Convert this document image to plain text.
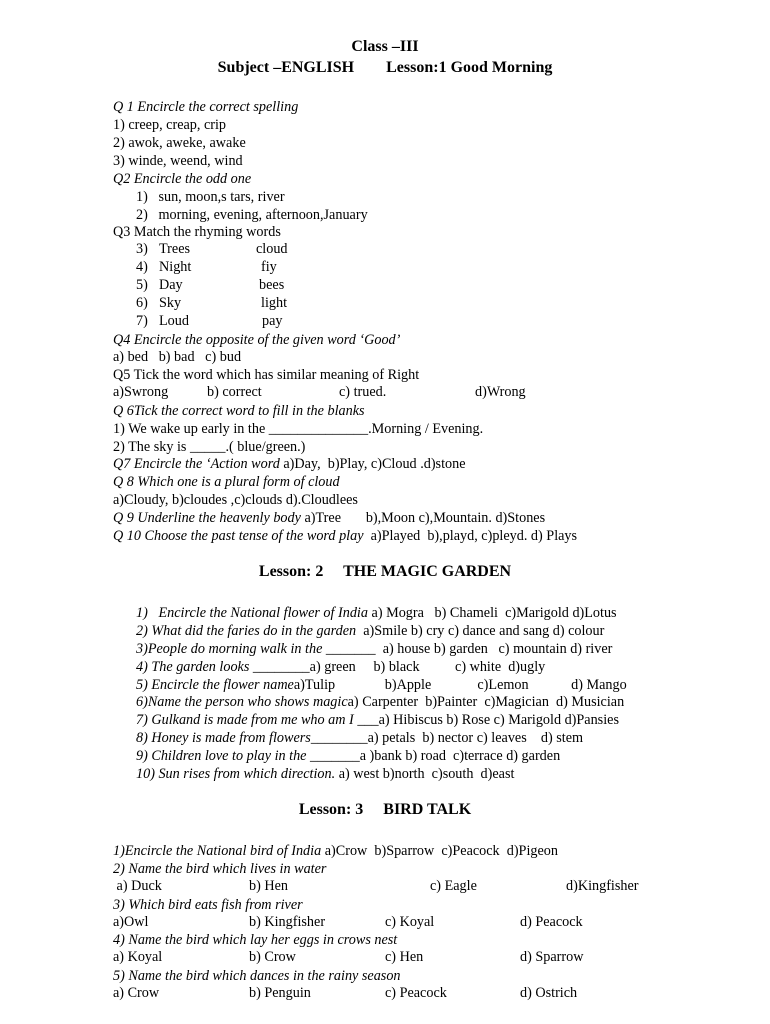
Class –III
Subject –ENGLISH Lesson:1 Good Morning
Q 1 Encircle the correct spelling
1) creep, creap, crip
2) awok, aweke, awake
3) winde, weend, wind
Q2 Encircle the odd one
1)   sun, moon,s tars, river
2)   morning, evening, afternoon,January
Q3 Match the rhyming words
3) Trees	cloud
4) Night	fiy
5) Day	bees
6) Sky	light
7) Loud	pay
Q4 Encircle the opposite of the given word ‘Good’
a) bed   b) bad   c) bud
Q5 Tick the word which has similar meaning of Right
a)Swrong	b) correct	c) trued.	d)Wrong
Q 6Tick the correct word to fill in the blanks
1) We wake up early in the ______________.Morning / Evening.
2) The sky is _____.( blue/green.)
Q7 Encircle the ‘Action word a)Day,  b)Play, c)Cloud .d)stone
Q 8 Which one is a plural form of cloud
a)Cloudy, b)cloudes ,c)clouds d).Cloudlees
Q 9 Underline the heavenly body a)Tree       b),Moon c),Mountain. d)Stones
Q 10 Choose the past tense of the word play  a)Played  b),playd, c)pleyd. d) Plays
Lesson: 2     THE MAGIC GARDEN
1)   Encircle the National flower of India a) Mogra   b) Chameli  c)Marigold d)Lotus
2) What did the faries do in the garden  a)Smile b) cry c) dance and sang d) colour
3)People do morning walk in the _______  a) house b) garden   c) mountain d) river
4) The garden looks ________a) green     b) black          c) white  d)ugly
5) Encircle the flower namea)Tulip              b)Apple             c)Lemon            d) Mango
6)Name the person who shows magica) Carpenter  b)Painter  c)Magician  d) Musician
7) Gulkand is made from me who am I ___a) Hibiscus b) Rose c) Marigold d)Pansies
8) Honey is made from flowers________a) petals  b) nector c) leaves    d) stem
9) Children love to play in the _______a )bank b) road  c)terrace d) garden
10) Sun rises from which direction. a) west b)north  c)south  d)east
Lesson: 3     BIRD TALK
1)Encircle the National bird of India a)Crow  b)Sparrow  c)Peacock  d)Pigeon
2) Name the bird which lives in water
a) Duck	b) Hen	c) Eagle	d)Kingfisher
3) Which bird eats fish from river
a)Owl	b) Kingfisher	c) Koyal	d) Peacock
4) Name the bird which lay her eggs in crows nest
a) Koyal	b) Crow	c) Hen	d) Sparrow
5) Name the bird which dances in the rainy season
a) Crow	b) Penguin	c) Peacock	d) Ostrich
